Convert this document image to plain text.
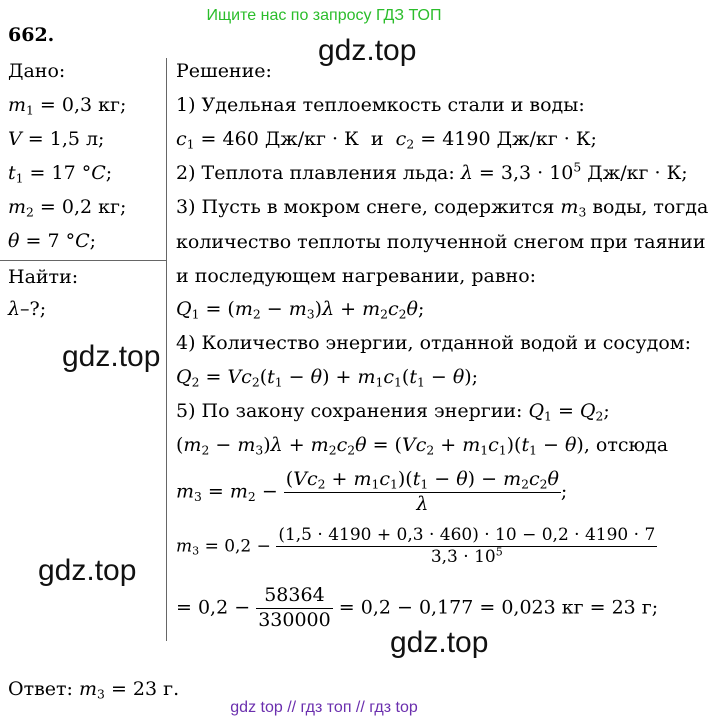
Ищите нас по запросу ГДЗ ТОП
662.
Дано:
$m_1 = 0,3$ кг;
V = 1,5 л;
$t_1 = 17$ °C;
$m_2 = 0,2$ кг;
θ = 7 °C;
Найти:
λ–?;
Решение:
1) Удельная теплоемкость стали и воды:
$c_1 = 460$ Дж/кг · К и $c_2 = 4190$ Дж/кг · К;
2) Теплота плавления льда: $\lambda = 3,3 \cdot 10^5$ Дж/кг · К;
3) Пусть в мокром снеге, содержится $m_3$ воды, тогда
количество теплоты полученной снегом при таянии
и последующем нагревании, равно:
$Q_1 = (m_2 - m_3)\lambda + m_2c_2\theta$;
4) Количество энергии, отданной водой и сосудом:
$Q_2 = Vc_2(t_1 - \theta) + m_1c_1(t_1 - \theta)$;
5) По закону сохранения энергии: $Q_1 = Q_2$;
$(m_2 - m_3)\lambda + m_2c_2\theta = (Vc_2 + m_1c_1)(t_1 - \theta)$, отсюда
$m_3 = m_2 - \frac{(Vc_2 + m_1c_1)(t_1 - \theta) - m_2c_2\theta}{\lambda}$ ;
$m_3 = 0,2 - \frac{(1,5 \cdot 4190 + 0,3 \cdot 460) \cdot 10 - 0,2 \cdot 4190 \cdot 7}{3,3 \cdot 10^5}$
= $0,2 - \frac{58364}{330000} = 0,2 - 0,177 = 0,023$ кг = 23 г;
Ответ: $m_3 = 23$ г.
gdz.top
gdz.top
gdz.top
gdz.top
gdz top // гдз топ // гдз top
